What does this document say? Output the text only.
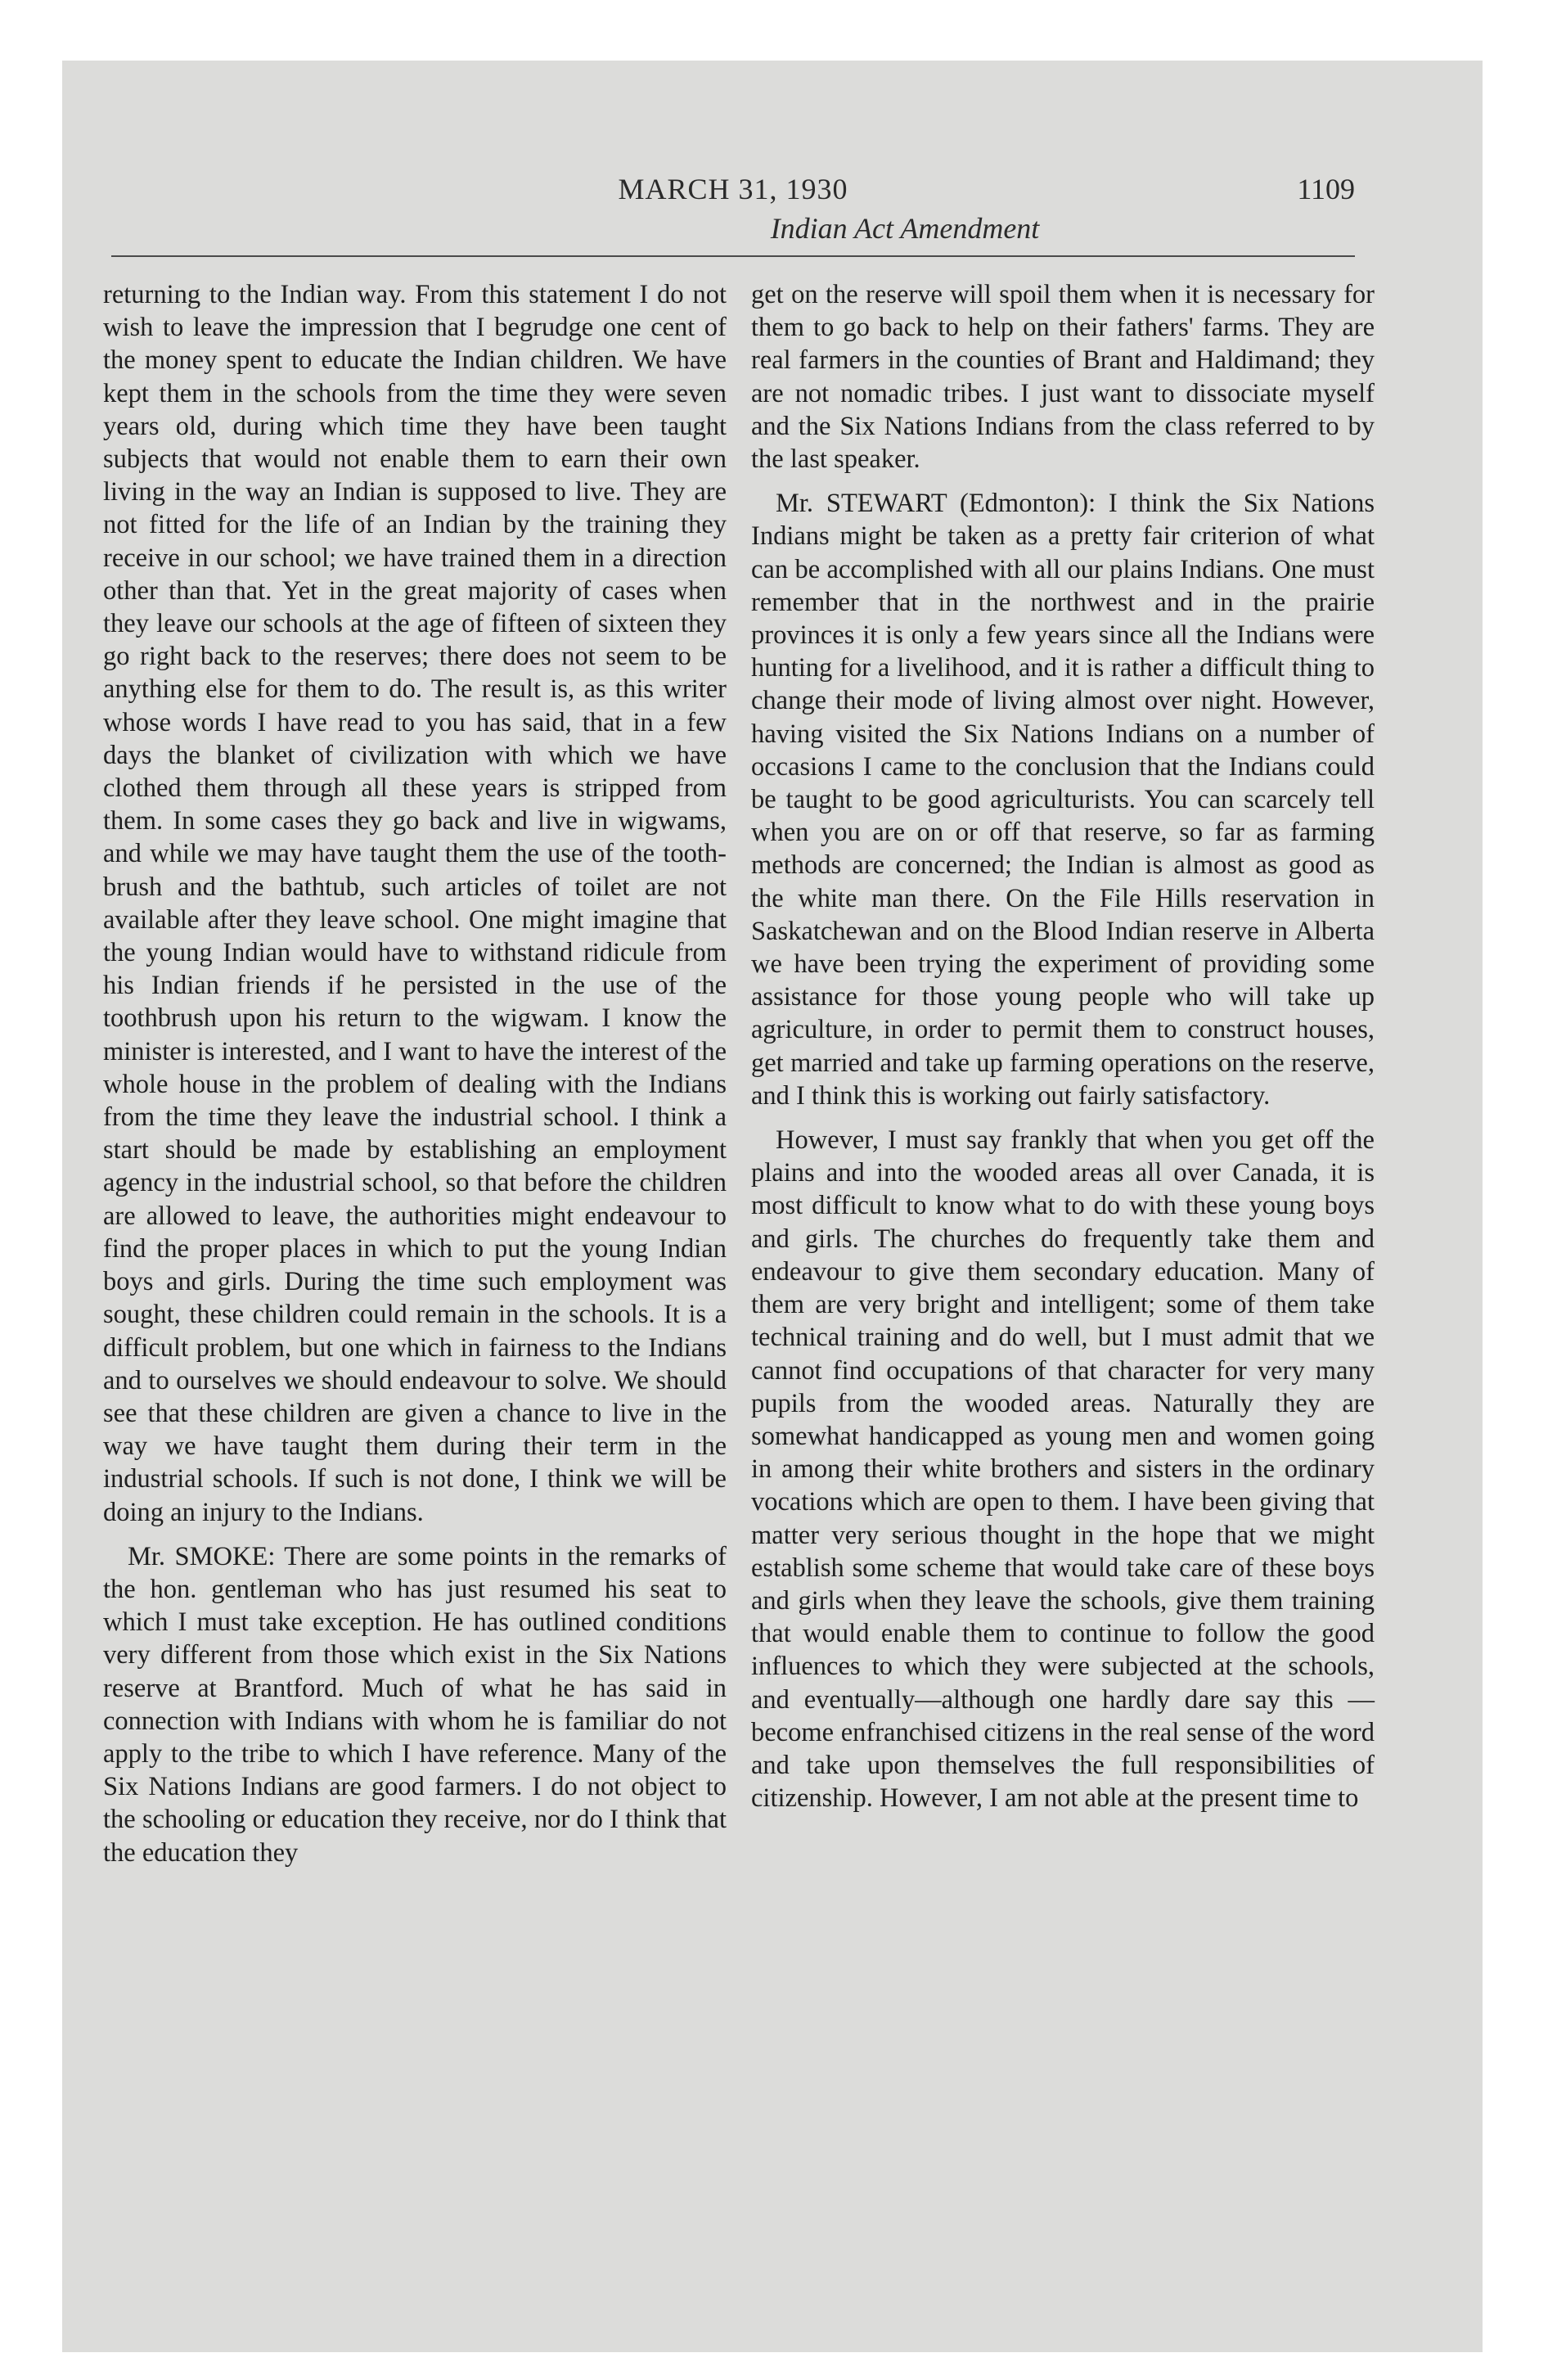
MARCH 31, 1930	1109
Indian Act Amendment

returning to the Indian way. From this statement I do not wish to leave the impression that I begrudge one cent of the money spent to educate the Indian children. We have kept them in the schools from the time they were seven years old, during which time they have been taught subjects that would not enable them to earn their own living in the way an Indian is supposed to live. They are not fitted for the life of an Indian by the training they receive in our school; we have trained them in a direction other than that. Yet in the great majority of cases when they leave our schools at the age of fifteen of sixteen they go right back to the reserves; there does not seem to be anything else for them to do. The result is, as this writer whose words I have read to you has said, that in a few days the blanket of civilization with which we have clothed them through all these years is stripped from them. In some cases they go back and live in wigwams, and while we may have taught them the use of the toothbrush and the bathtub, such articles of toilet are not available after they leave school. One might imagine that the young Indian would have to withstand ridicule from his Indian friends if he persisted in the use of the toothbrush upon his return to the wigwam. I know the minister is interested, and I want to have the interest of the whole house in the problem of dealing with the Indians from the time they leave the industrial school. I think a start should be made by establishing an employment agency in the industrial school, so that before the children are allowed to leave, the authorities might endeavour to find the proper places in which to put the young Indian boys and girls. During the time such employment was sought, these children could remain in the schools. It is a difficult problem, but one which in fairness to the Indians and to ourselves we should endeavour to solve. We should see that these children are given a chance to live in the way we have taught them during their term in the industrial schools. If such is not done, I think we will be doing an injury to the Indians.

Mr. SMOKE: There are some points in the remarks of the hon. gentleman who has just resumed his seat to which I must take exception. He has outlined conditions very different from those which exist in the Six Nations reserve at Brantford. Much of what he has said in connection with Indians with whom he is familiar do not apply to the tribe to which I have reference. Many of the Six Nations Indians are good farmers. I do not object to the schooling or education they receive, nor do I think that the education they

get on the reserve will spoil them when it is necessary for them to go back to help on their fathers' farms. They are real farmers in the counties of Brant and Haldimand; they are not nomadic tribes. I just want to dissociate myself and the Six Nations Indians from the class referred to by the last speaker.

Mr. STEWART (Edmonton): I think the Six Nations Indians might be taken as a pretty fair criterion of what can be accomplished with all our plains Indians. One must remember that in the northwest and in the prairie provinces it is only a few years since all the Indians were hunting for a livelihood, and it is rather a difficult thing to change their mode of living almost over night. However, having visited the Six Nations Indians on a number of occasions I came to the conclusion that the Indians could be taught to be good agriculturists. You can scarcely tell when you are on or off that reserve, so far as farming methods are concerned; the Indian is almost as good as the white man there. On the File Hills reservation in Saskatchewan and on the Blood Indian reserve in Alberta we have been trying the experiment of providing some assistance for those young people who will take up agriculture, in order to permit them to construct houses, get married and take up farming operations on the reserve, and I think this is working out fairly satisfactory.

However, I must say frankly that when you get off the plains and into the wooded areas all over Canada, it is most difficult to know what to do with these young boys and girls. The churches do frequently take them and endeavour to give them secondary education. Many of them are very bright and intelligent; some of them take technical training and do well, but I must admit that we cannot find occupations of that character for very many pupils from the wooded areas. Naturally they are somewhat handicapped as young men and women going in among their white brothers and sisters in the ordinary vocations which are open to them. I have been giving that matter very serious thought in the hope that we might establish some scheme that would take care of these boys and girls when they leave the schools, give them training that would enable them to continue to follow the good influences to which they were subjected at the schools, and eventually—although one hardly dare say this —become enfranchised citizens in the real sense of the word and take upon themselves the full responsibilities of citizenship. However, I am not able at the present time to
